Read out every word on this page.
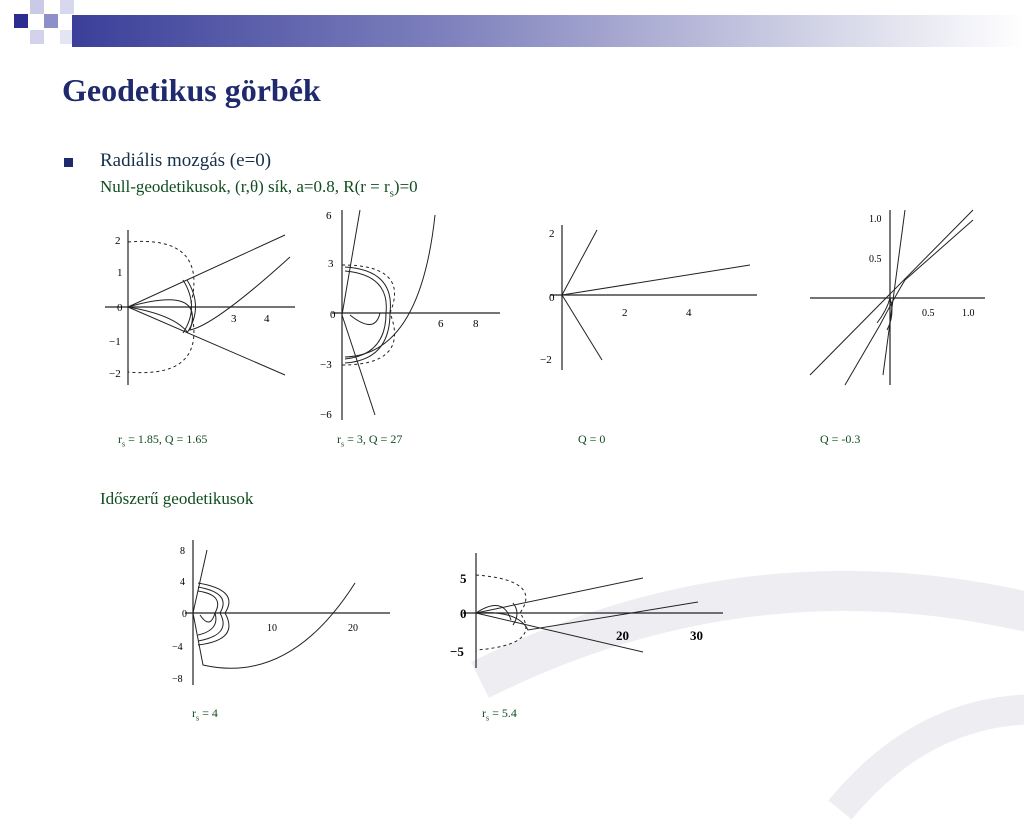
Geodetikus görbék
Radiális mozgás (e=0)
Null-geodetikusok, (r,θ) sík, a=0.8, $R(r = r_s)=0$
2
1
0
−1
−2
3	4
$r_s = 1.85$, Q = 1.65
6
3
0
−3
−6
6	8
$r_s = 3$, Q = 27
2
0
−2
2	4
Q = 0
1.0
0.5
0.5	1.0
Q = -0.3
Időszerű geodetikusok
8
4
0
−4
−8
10	20
$r_s = 4$
5
0
−5
20	30
$r_s = 5.4$
